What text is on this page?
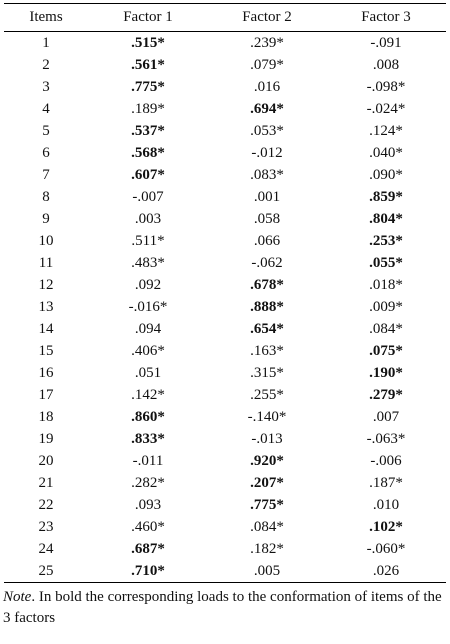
Items	Factor 1	Factor 2	Factor 3
1	.515*	.239*	-.091
2	.561*	.079*	.008
3	.775*	.016	-.098*
4	.189*	.694*	-.024*
5	.537*	.053*	.124*
6	.568*	-.012	.040*
7	.607*	.083*	.090*
8	-.007	.001	.859*
9	.003	.058	.804*
10	.511*	.066	.253*
11	.483*	-.062	.055*
12	.092	.678*	.018*
13	-.016*	.888*	.009*
14	.094	.654*	.084*
15	.406*	.163*	.075*
16	.051	.315*	.190*
17	.142*	.255*	.279*
18	.860*	-.140*	.007
19	.833*	-.013	-.063*
20	-.011	.920*	-.006
21	.282*	.207*	.187*
22	.093	.775*	.010
23	.460*	.084*	.102*
24	.687*	.182*	-.060*
25	.710*	.005	.026

Note. In bold the corresponding loads to the conformation of items of the 3 factors
